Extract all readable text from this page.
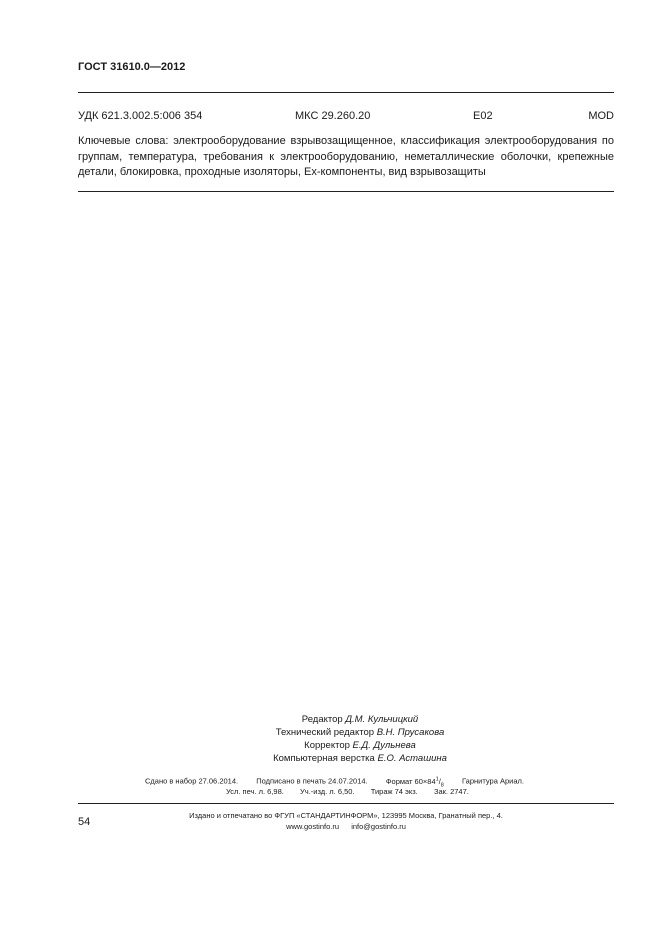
ГОСТ 31610.0—2012
УДК 621.3.002.5:006 354	МКС 29.260.20	Е02	MOD
Ключевые слова: электрооборудование взрывозащищенное, классификация электрооборудования по группам, температура, требования к электрооборудованию, неметаллические оболочки, крепежные детали, блокировка, проходные изоляторы, Ex-компоненты, вид взрывозащиты
Редактор Д.М. Кульчицкий
Технический редактор В.Н. Прусакова
Корректор Е.Д. Дульнева
Компьютерная верстка Е.О. Асташина
Сдано в набор 27.06.2014. Подписано в печать 24.07.2014. Формат $60\times 84^1/_8$ Гарнитура Ариал.
Усл. печ. л. 6,98. Уч.-изд. л. 6,50. Тираж 74 экз. Зак. 2747.
Издано и отпечатано во ФГУП «СТАНДАРТИНФОРМ», 123995 Москва, Гранатный пер., 4.
www.gostinfo.ru info@gostinfo.ru
54
